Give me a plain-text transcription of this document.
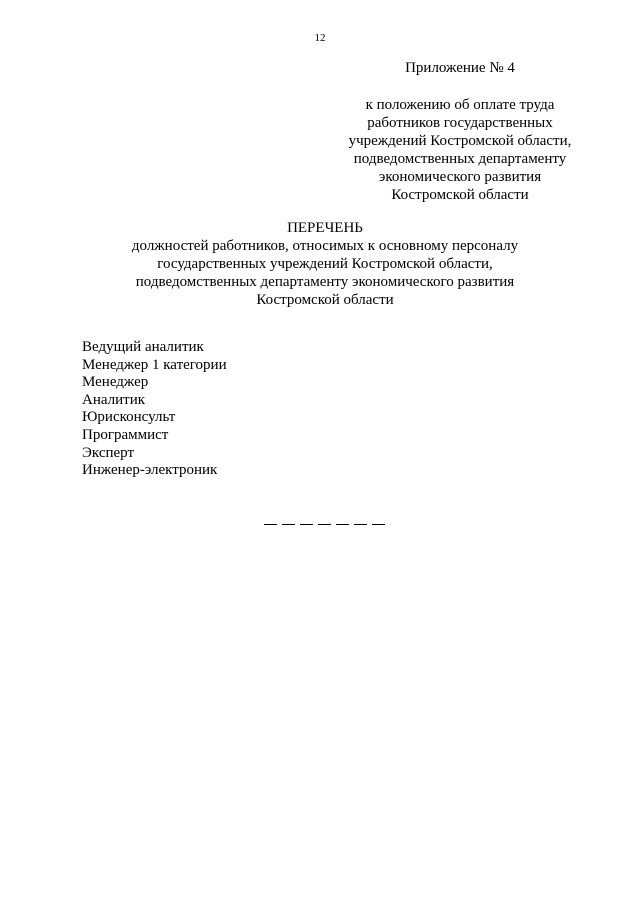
12
Приложение № 4
к положению об оплате труда
работников государственных
учреждений Костромской области,
подведомственных департаменту
экономического развития
Костромской области
ПЕРЕЧЕНЬ
должностей работников, относимых к основному персоналу
государственных учреждений Костромской области,
подведомственных департаменту экономического развития
Костромской области
Ведущий аналитик
Менеджер 1 категории
Менеджер
Аналитик
Юрисконсульт
Программист
Эксперт
Инженер-электроник
